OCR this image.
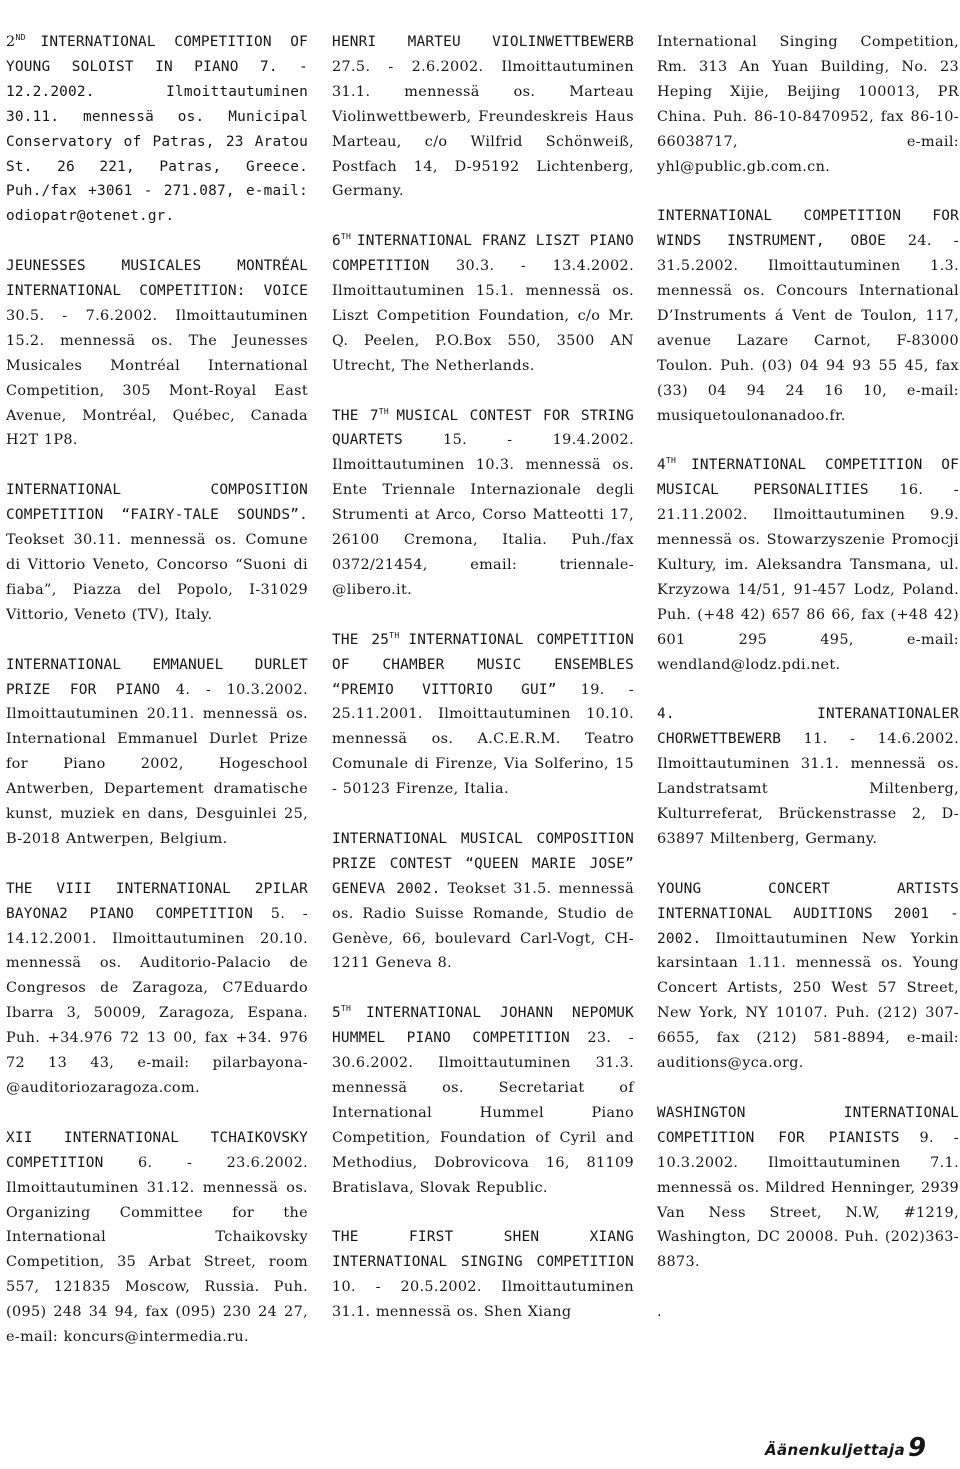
2ND INTERNATIONAL COMPETITION OF YOUNG SOLOIST IN PIANO 7. - 12.2.2002. Ilmoittautuminen 30.11. mennessä os. Municipal Conservatory of Patras, 23 Aratou St. 26 221, Patras, Greece. Puh./fax +3061 - 271.087, e-mail: odiopatr@otenet.gr.

JEUNESSES MUSICALES MONTRÉAL INTERNATIONAL COMPETITION: VOICE 30.5. - 7.6.2002. Ilmoittautuminen 15.2. mennessä os. The Jeunesses Musicales Montréal International Competition, 305 Mont-Royal East Avenue, Montréal, Québec, Canada H2T 1P8.

INTERNATIONAL COMPOSITION COMPETITION “FAIRY-TALE SOUNDS”. Teokset 30.11. mennessä os. Comune di Vittorio Veneto, Concorso “Suoni di fiaba”, Piazza del Popolo, I-31029 Vittorio, Veneto (TV), Italy.

INTERNATIONAL EMMANUEL DURLET PRIZE FOR PIANO 4. - 10.3.2002. Ilmoittautuminen 20.11. mennessä os. International Emmanuel Durlet Prize for Piano 2002, Hogeschool Antwerben, Departement dramatische kunst, muziek en dans, Desguinlei 25, B-2018 Antwerpen, Belgium.

THE VIII INTERNATIONAL 2PILAR BAYONA2 PIANO COMPETITION 5. - 14.12.2001. Ilmoittautuminen 20.10. mennessä os. Auditorio-Palacio de Congresos de Zaragoza, C7Eduardo Ibarra 3, 50009, Zaragoza, Espana. Puh. +34.976 72 13 00, fax +34. 976 72 13 43, e-mail: pilarbayona-@auditoriozaragoza.com.

XII INTERNATIONAL TCHAIKOVSKY COMPETITION 6. - 23.6.2002. Ilmoittautuminen 31.12. mennessä os. Organizing Committee for the International Tchaikovsky Competition, 35 Arbat Street, room 557, 121835 Moscow, Russia. Puh. (095) 248 34 94, fax (095) 230 24 27, e-mail: koncurs@intermedia.ru.

HENRI MARTEU VIOLINWETTBEWERB 27.5. - 2.6.2002. Ilmoittautuminen 31.1. mennessä os. Marteau Violinwettbewerb, Freundeskreis Haus Marteau, c/o Wilfrid Schönweiß, Postfach 14, D-95192 Lichtenberg, Germany.

6TH INTERNATIONAL FRANZ LISZT PIANO COMPETITION 30.3. - 13.4.2002. Ilmoittautuminen 15.1. mennessä os. Liszt Competition Foundation, c/o Mr. Q. Peelen, P.O.Box 550, 3500 AN Utrecht, The Netherlands.

THE 7TH MUSICAL CONTEST FOR STRING QUARTETS	15. - 19.4.2002. Ilmoittautuminen 10.3. mennessä os. Ente Triennale Internazionale degli Strumenti at Arco, Corso Matteotti 17, 26100 Cremona, Italia. Puh./fax 0372/21454, email: triennale-@libero.it.

THE 25TH INTERNATIONAL COMPETITION OF CHAMBER MUSIC ENSEMBLES “PREMIO VITTORIO GUI” 19. - 25.11.2001. Ilmoittautuminen 10.10. mennessä os. A.C.E.R.M. Teatro Comunale di Firenze, Via Solferino, 15 - 50123 Firenze, Italia.

INTERNATIONAL MUSICAL COMPOSITION PRIZE CONTEST “QUEEN MARIE JOSE” GENEVA 2002. Teokset 31.5. mennessä os. Radio Suisse Romande, Studio de Genève, 66, boulevard Carl-Vogt, CH-1211 Geneva 8.

5TH INTERNATIONAL JOHANN NEPOMUK HUMMEL PIANO COMPETITION 23. - 30.6.2002. Ilmoittautuminen 31.3. mennessä os. Secretariat of International Hummel Piano Competition, Foundation of Cyril and Methodius, Dobrovicova 16, 81109 Bratislava, Slovak Republic.

THE FIRST SHEN XIANG INTERNATIONAL SINGING COMPETITION 10. - 20.5.2002. Ilmoittautuminen 31.1. mennessä os. Shen Xiang

International Singing Competition, Rm. 313 An Yuan Building, No. 23 Heping Xijie, Beijing 100013, PR China. Puh. 86-10-8470952, fax 86-10-66038717, e-mail: yhl@public.gb.com.cn.

INTERNATIONAL COMPETITION FOR WINDS INSTRUMENT, OBOE 24. - 31.5.2002. Ilmoittautuminen 1.3. mennessä os. Concours International D’Instruments á Vent de Toulon, 117, avenue Lazare Carnot, F-83000 Toulon. Puh. (03) 04 94 93 55 45, fax (33) 04 94 24 16 10, e-mail: musiquetoulonanadoo.fr.

4TH INTERNATIONAL COMPETITION OF MUSICAL PERSONALITIES 16. - 21.11.2002. Ilmoittautuminen 9.9. mennessä os. Stowarzyszenie Promocji Kultury, im. Aleksandra Tansmana, ul. Krzyzowa 14/51, 91-457 Lodz, Poland. Puh. (+48 42) 657 86 66, fax (+48 42) 601 295 495, e-mail: wendland@lodz.pdi.net.

4. INTERANATIONALER CHORWETTBEWERB 11. - 14.6.2002. Ilmoittautuminen 31.1. mennessä os. Landstratsamt Miltenberg, Kulturreferat, Brückenstrasse 2, D-63897 Miltenberg, Germany.

YOUNG CONCERT ARTISTS INTERNATIONAL AUDITIONS 2001 - 2002. Ilmoittautuminen New Yorkin karsintaan 1.11. mennessä os. Young Concert Artists, 250 West 57 Street, New York, NY 10107. Puh. (212) 307-6655, fax (212) 581-8894, e-mail: auditions@yca.org.

WASHINGTON INTERNATIONAL COMPETITION FOR PIANISTS 9. - 10.3.2002. Ilmoittautuminen 7.1. mennessä os. Mildred Henninger, 2939 Van Ness Street, N.W, #1219, Washington, DC 20008. Puh. (202)363-8873.

.

Äänenkuljettaja 9
